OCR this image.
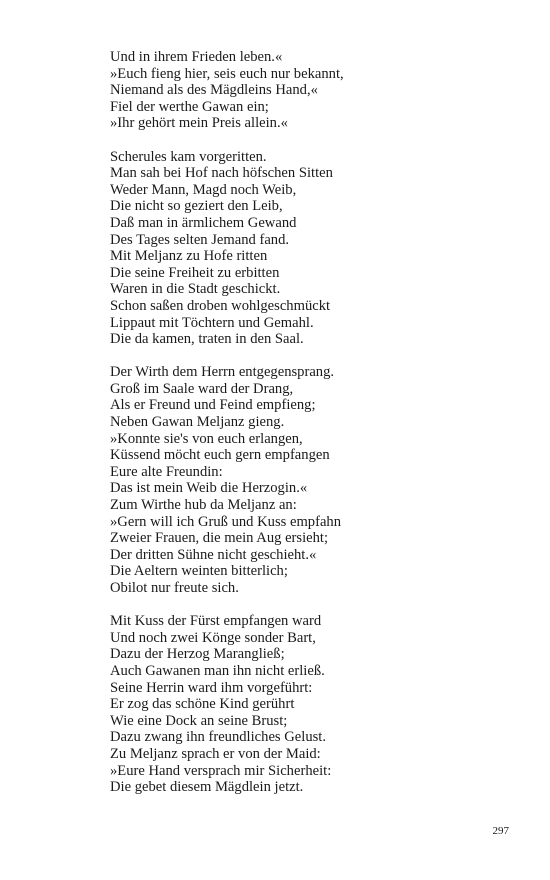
Und in ihrem Frieden leben.«
»Euch fieng hier, seis euch nur bekannt,
Niemand als des Mägdleins Hand,«
Fiel der werthe Gawan ein;
»Ihr gehört mein Preis allein.«
Scherules kam vorgeritten.
Man sah bei Hof nach höfschen Sitten
Weder Mann, Magd noch Weib,
Die nicht so geziert den Leib,
Daß man in ärmlichem Gewand
Des Tages selten Jemand fand.
Mit Meljanz zu Hofe ritten
Die seine Freiheit zu erbitten
Waren in die Stadt geschickt.
Schon saßen droben wohlgeschmückt
Lippaut mit Töchtern und Gemahl.
Die da kamen, traten in den Saal.
Der Wirth dem Herrn entgegensprang.
Groß im Saale ward der Drang,
Als er Freund und Feind empfieng;
Neben Gawan Meljanz gieng.
»Konnte sie's von euch erlangen,
Küssend möcht euch gern empfangen
Eure alte Freundin:
Das ist mein Weib die Herzogin.«
Zum Wirthe hub da Meljanz an:
»Gern will ich Gruß und Kuss empfahn
Zweier Frauen, die mein Aug ersieht;
Der dritten Sühne nicht geschieht.«
Die Aeltern weinten bitterlich;
Obilot nur freute sich.
Mit Kuss der Fürst empfangen ward
Und noch zwei Könge sonder Bart,
Dazu der Herzog Marangließ;
Auch Gawanen man ihn nicht erließ.
Seine Herrin ward ihm vorgeführt:
Er zog das schöne Kind gerührt
Wie eine Dock an seine Brust;
Dazu zwang ihn freundliches Gelust.
Zu Meljanz sprach er von der Maid:
»Eure Hand versprach mir Sicherheit:
Die gebet diesem Mägdlein jetzt.
297
